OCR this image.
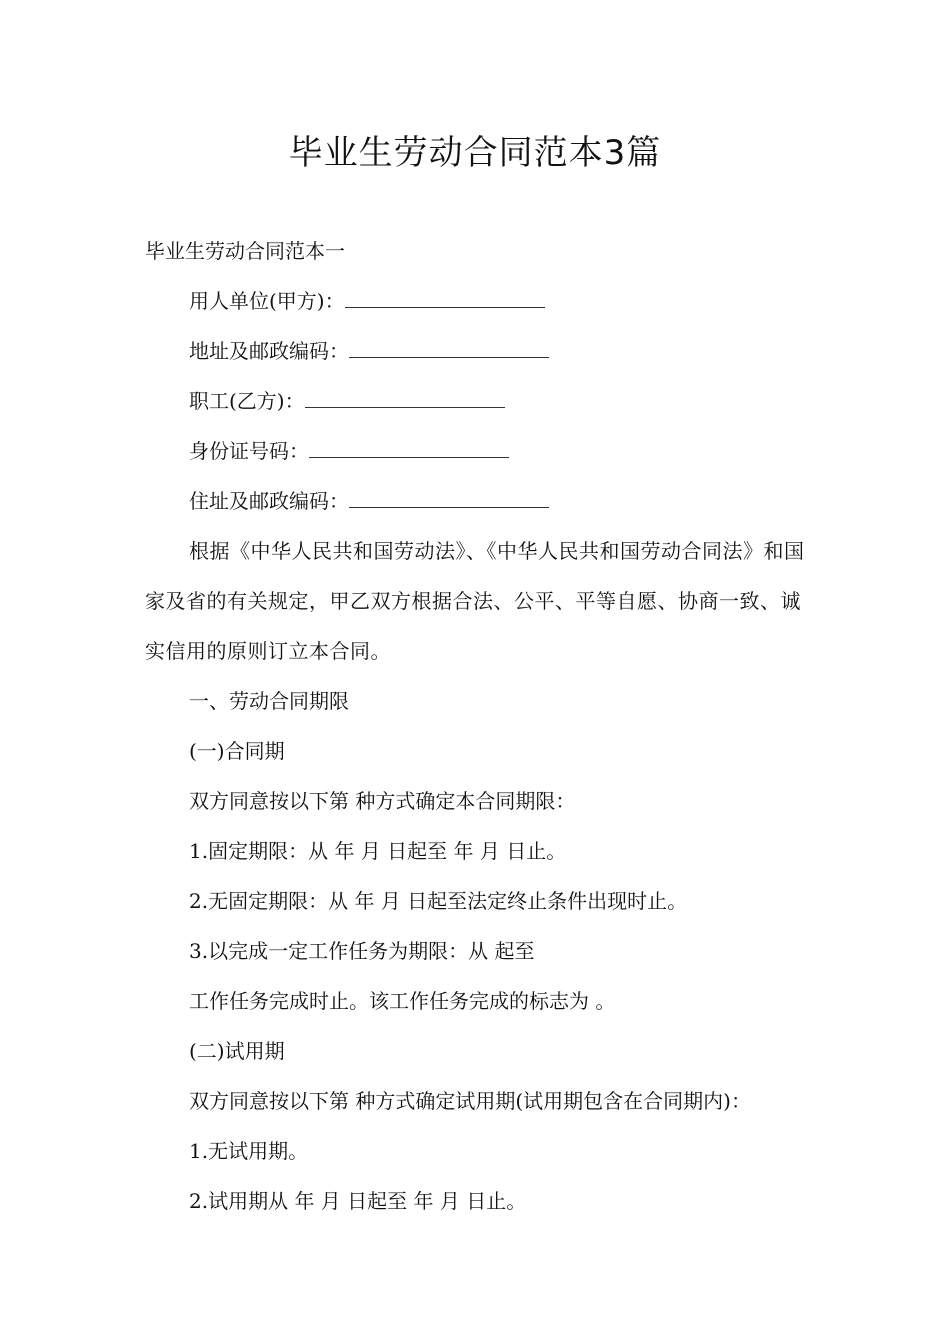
毕业生劳动合同范本3篇

毕业生劳动合同范本一

用人单位(甲方)：

地址及邮政编码：

职工(乙方)：

身份证号码：

住址及邮政编码：

根据《中华人民共和国劳动法》、《中华人民共和国劳动合同法》和国家及省的有关规定，甲乙双方根据合法、公平、平等自愿、协商一致、诚实信用的原则订立本合同。

一、劳动合同期限

(一)合同期

双方同意按以下第 种方式确定本合同期限：

1.固定期限：从 年 月 日起至 年 月 日止。

2.无固定期限：从 年 月 日起至法定终止条件出现时止。

3.以完成一定工作任务为期限：从 起至

工作任务完成时止。该工作任务完成的标志为 。

(二)试用期

双方同意按以下第 种方式确定试用期(试用期包含在合同期内)：

1.无试用期。

2.试用期从 年 月 日起至 年 月 日止。
